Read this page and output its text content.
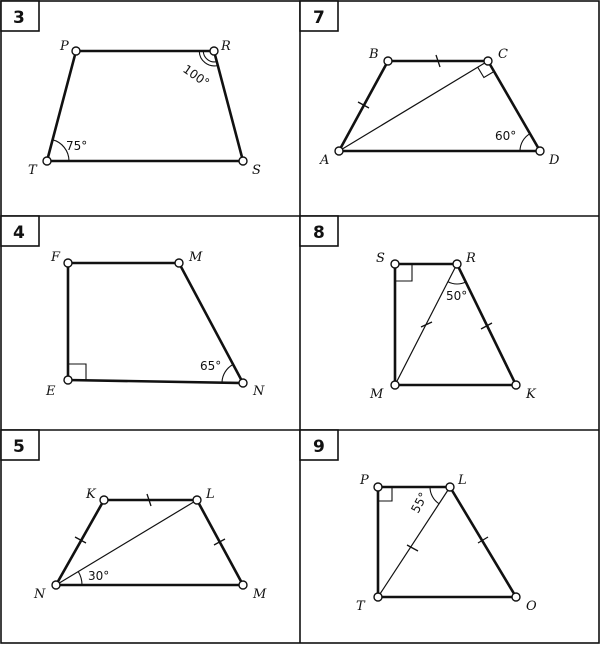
3
P	R
T	S
100°
75°
7
B	C
A	D
60°
4
F	M
E	N
65°
8
S	R
M	K
50°
5
K	L
N	M
30°
9
P	L
T	O
55°
